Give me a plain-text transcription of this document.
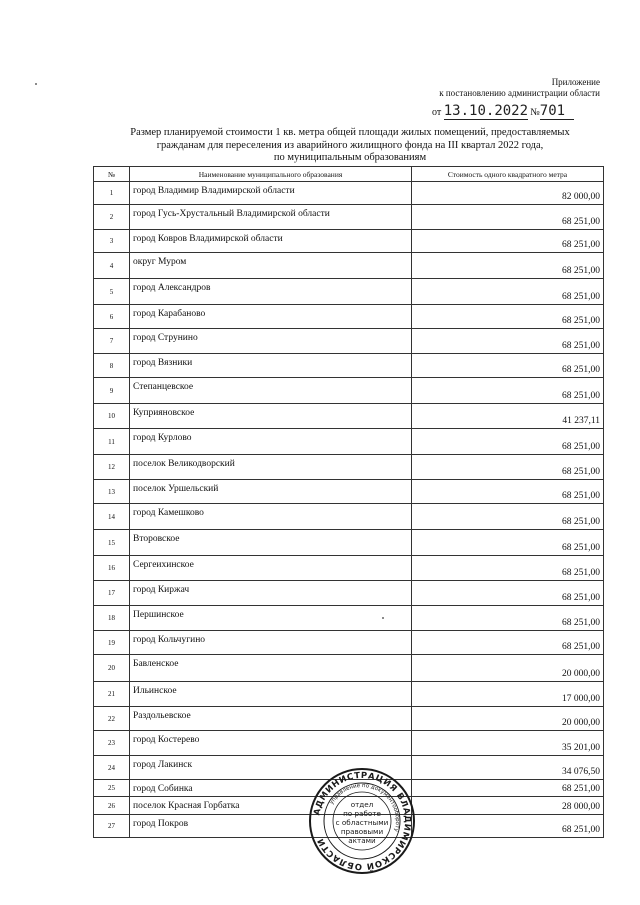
Приложение
к постановлению администрации области
от 13.10.2022 №701
Размер планируемой стоимости 1 кв. метра общей площади жилых помещений, предоставляемых
гражданам для переселения из аварийного жилищного фонда на III квартал 2022 года,
по муниципальным образованиям
№	Наименование муниципального образования	Стоимость одного квадратного метра
1	город Владимир Владимирской области	82 000,00
2	город Гусь-Хрустальный Владимирской области	68 251,00
3	город Ковров Владимирской области	68 251,00
4	округ Муром	68 251,00
5	город Александров	68 251,00
6	город Карабаново	68 251,00
7	город Струнино	68 251,00
8	город Вязники	68 251,00
9	Степанцевское	68 251,00
10	Куприяновское	41 237,11
11	город Курлово	68 251,00
12	поселок Великодворский	68 251,00
13	поселок Уршельский	68 251,00
14	город Камешково	68 251,00
15	Второвское	68 251,00
16	Сергеихинское	68 251,00
17	город Киржач	68 251,00
18	Першинское	68 251,00
19	город Кольчугино	68 251,00
20	Бавленское	20 000,00
21	Ильинское	17 000,00
22	Раздольевское	20 000,00
23	город Костерево	35 201,00
24	город Лакинск	34 076,50
25	город Собинка	68 251,00
26	поселок Красная Горбатка	28 000,00
27	город Покров	68 251,00
АДМИНИСТРАЦИЯ ВЛАДИМИРСКОЙ ОБЛАСТИ
управление по документообороту
отдел
по работе
с областными
правовыми
актами
